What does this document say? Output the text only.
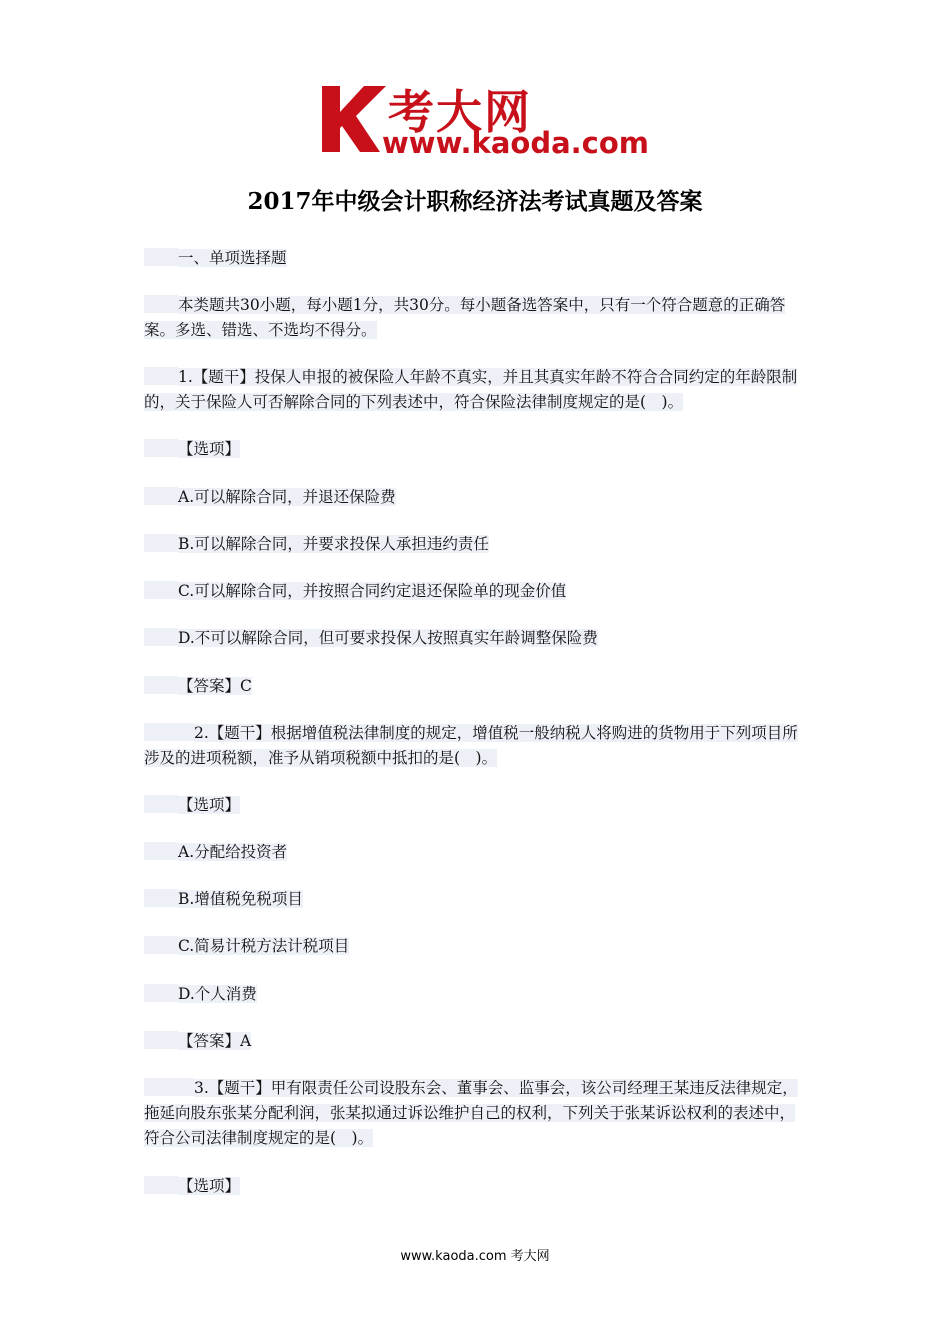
考大网
www.kaoda.com
2017年中级会计职称经济法考试真题及答案

一、单项选择题

本类题共30小题，每小题1分，共30分。每小题备选答案中，只有一个符合题意的正确答案。多选、错选、不选均不得分。

1.【题干】投保人申报的被保险人年龄不真实，并且其真实年龄不符合合同约定的年龄限制的，关于保险人可否解除合同的下列表述中，符合保险法律制度规定的是(　)。

【选项】

A.可以解除合同，并退还保险费

B.可以解除合同，并要求投保人承担违约责任

C.可以解除合同，并按照合同约定退还保险单的现金价值

D.不可以解除合同，但可要求投保人按照真实年龄调整保险费

【答案】C

2.【题干】根据增值税法律制度的规定，增值税一般纳税人将购进的货物用于下列项目所涉及的进项税额，准予从销项税额中抵扣的是(　)。

【选项】

A.分配给投资者

B.增值税免税项目

C.简易计税方法计税项目

D.个人消费

【答案】A

3.【题干】甲有限责任公司设股东会、董事会、监事会，该公司经理王某违反法律规定，拖延向股东张某分配利润，张某拟通过诉讼维护自己的权利，下列关于张某诉讼权利的表述中，符合公司法律制度规定的是(　)。

【选项】

www.kaoda.com 考大网
